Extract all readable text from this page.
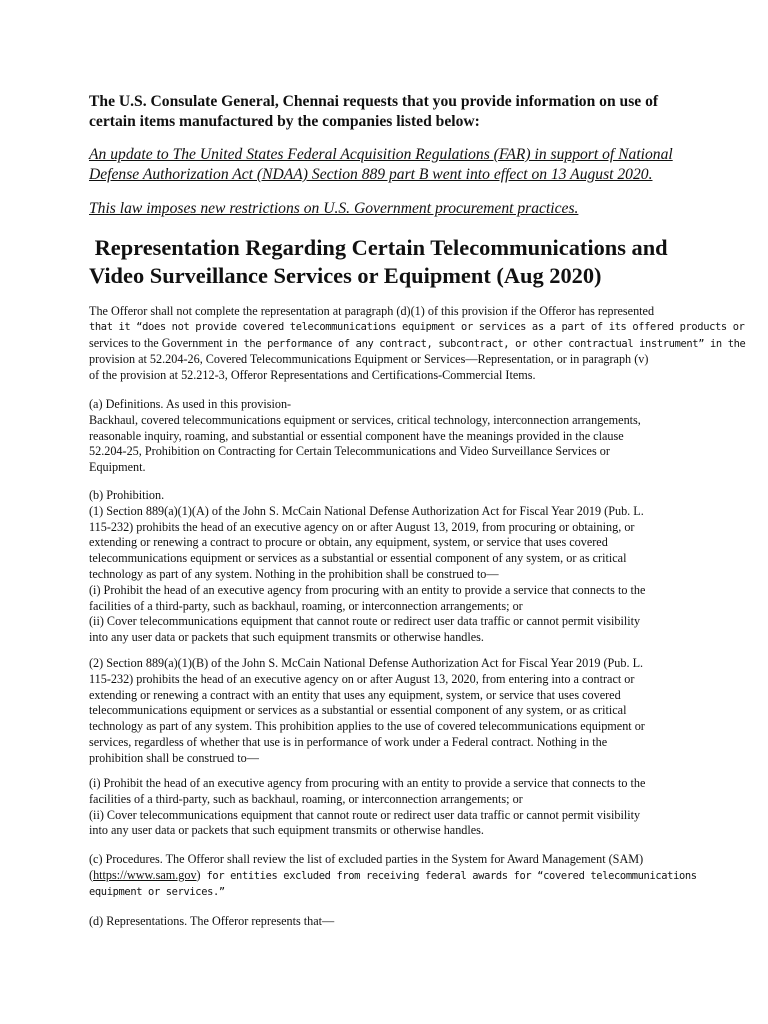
The U.S. Consulate General, Chennai requests that you provide information on use of
certain items manufactured by the companies listed below:

An update to The United States Federal Acquisition Regulations (FAR) in support of National
Defense Authorization Act (NDAA) Section 889 part B went into effect on 13 August 2020.

This law imposes new restrictions on U.S. Government procurement practices.

Representation Regarding Certain Telecommunications and
Video Surveillance Services or Equipment (Aug 2020)

The Offeror shall not complete the representation at paragraph (d)(1) of this provision if the Offeror has represented
that it “does not provide covered telecommunications equipment or services as a part of its offered products or
services to the Government in the performance of any contract, subcontract, or other contractual instrument” in the
provision at 52.204-26, Covered Telecommunications Equipment or Services—Representation, or in paragraph (v)
of the provision at 52.212-3, Offeror Representations and Certifications-Commercial Items.

(a) Definitions. As used in this provision-
Backhaul, covered telecommunications equipment or services, critical technology, interconnection arrangements,
reasonable inquiry, roaming, and substantial or essential component have the meanings provided in the clause
52.204-25, Prohibition on Contracting for Certain Telecommunications and Video Surveillance Services or
Equipment.

(b) Prohibition.
(1) Section 889(a)(1)(A) of the John S. McCain National Defense Authorization Act for Fiscal Year 2019 (Pub. L.
115-232) prohibits the head of an executive agency on or after August 13, 2019, from procuring or obtaining, or
extending or renewing a contract to procure or obtain, any equipment, system, or service that uses covered
telecommunications equipment or services as a substantial or essential component of any system, or as critical
technology as part of any system. Nothing in the prohibition shall be construed to—
(i) Prohibit the head of an executive agency from procuring with an entity to provide a service that connects to the
facilities of a third-party, such as backhaul, roaming, or interconnection arrangements; or
(ii) Cover telecommunications equipment that cannot route or redirect user data traffic or cannot permit visibility
into any user data or packets that such equipment transmits or otherwise handles.

(2) Section 889(a)(1)(B) of the John S. McCain National Defense Authorization Act for Fiscal Year 2019 (Pub. L.
115-232) prohibits the head of an executive agency on or after August 13, 2020, from entering into a contract or
extending or renewing a contract with an entity that uses any equipment, system, or service that uses covered
telecommunications equipment or services as a substantial or essential component of any system, or as critical
technology as part of any system. This prohibition applies to the use of covered telecommunications equipment or
services, regardless of whether that use is in performance of work under a Federal contract. Nothing in the
prohibition shall be construed to—

(i) Prohibit the head of an executive agency from procuring with an entity to provide a service that connects to the
facilities of a third-party, such as backhaul, roaming, or interconnection arrangements; or
(ii) Cover telecommunications equipment that cannot route or redirect user data traffic or cannot permit visibility
into any user data or packets that such equipment transmits or otherwise handles.

(c) Procedures. The Offeror shall review the list of excluded parties in the System for Award Management (SAM)
(https://www.sam.gov) for entities excluded from receiving federal awards for “covered telecommunications
equipment or services.”

(d) Representations. The Offeror represents that—
